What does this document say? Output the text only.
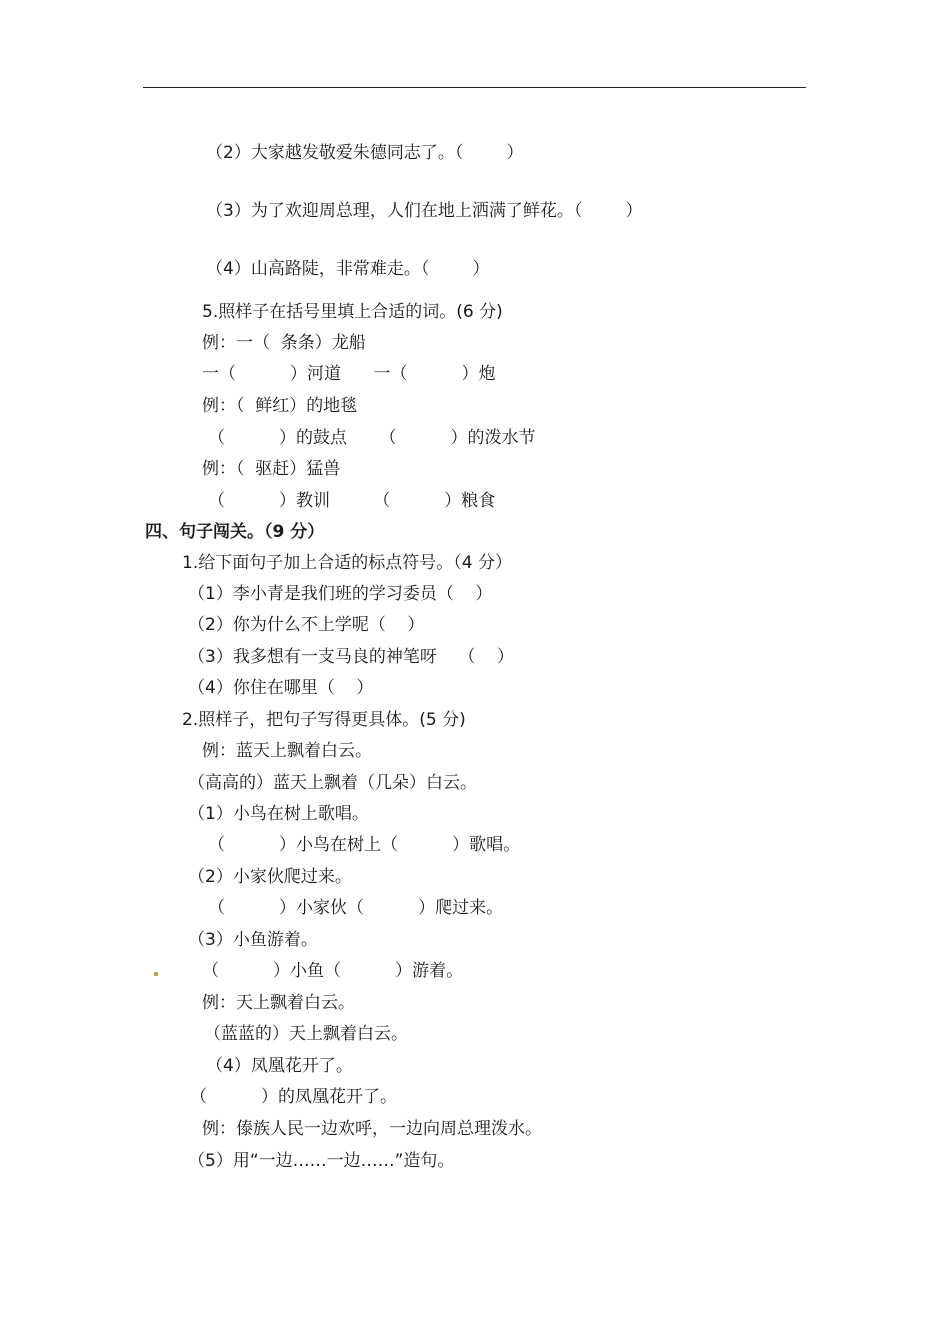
（2）大家越发敬爱朱德同志了。（        ）
（3）为了欢迎周总理，人们在地上洒满了鲜花。（        ）
（4）山高路陡，非常难走。（        ）
5.照样子在括号里填上合适的词。(6 分)
例：一（  条条）龙船
一（          ）河道      一（          ）炮
例：（  鲜红）的地毯
（          ）的鼓点      （          ）的泼水节
例：（  驱赶）猛兽
（          ）教训        （          ）粮食
四、句子闯关。（9 分）
1.给下面句子加上合适的标点符号。（4 分）
（1）李小青是我们班的学习委员（    ）
（2）你为什么不上学呢（    ）
（3）我多想有一支马良的神笔呀    （    ）
（4）你住在哪里（    ）
2.照样子，把句子写得更具体。(5 分)
例：蓝天上飘着白云。
（高高的）蓝天上飘着（几朵）白云。
（1）小鸟在树上歌唱。
（          ）小鸟在树上（          ）歌唱。
（2）小家伙爬过来。
（          ）小家伙（          ）爬过来。
（3）小鱼游着。
（          ）小鱼（          ）游着。
例：天上飘着白云。
（蓝蓝的）天上飘着白云。
（4）凤凰花开了。
（          ）的凤凰花开了。
例：傣族人民一边欢呼，一边向周总理泼水。
（5）用“一边……一边……”造句。
